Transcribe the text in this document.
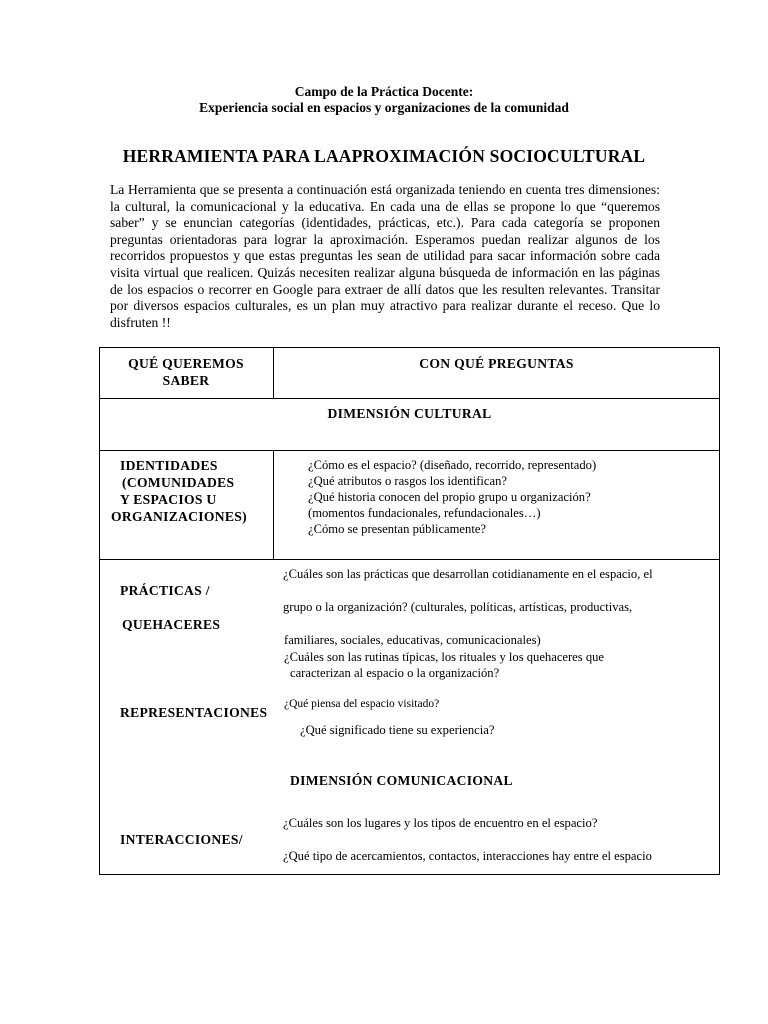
Campo de la Práctica Docente:
Experiencia social en espacios y organizaciones de la comunidad
HERRAMIENTA PARA LAAPROXIMACIÓN SOCIOCULTURAL
La Herramienta que se presenta a continuación está organizada teniendo en cuenta tres dimensiones: la cultural, la comunicacional y la educativa. En cada una de ellas se propone lo que “queremos saber” y se enuncian categorías (identidades, prácticas, etc.). Para cada categoría se proponen preguntas orientadoras para lograr la aproximación. Esperamos puedan realizar algunos de los recorridos propuestos y que estas preguntas les sean de utilidad para sacar información sobre cada visita virtual que realicen. Quizás necesiten realizar alguna búsqueda de información en las páginas de los espacios o recorrer en Google para extraer de allí datos que les resulten relevantes. Transitar por diversos espacios culturales, es un plan muy atractivo para realizar durante el receso. Que lo disfruten !!
QUÉ QUEREMOS
SABER
CON QUÉ PREGUNTAS
DIMENSIÓN CULTURAL
IDENTIDADES
(COMUNIDADES
Y ESPACIOS U
ORGANIZACIONES)
¿Cómo es el espacio? (diseñado, recorrido, representado)
¿Qué atributos o rasgos los identifican?
¿Qué historia conocen del propio grupo u organización?
(momentos fundacionales, refundacionales…)
¿Cómo se presentan públicamente?
PRÁCTICAS /
QUEHACERES
¿Cuáles son las prácticas que desarrollan cotidianamente en el espacio, el
grupo o la organización? (culturales, políticas, artísticas, productivas,
familiares, sociales, educativas, comunicacionales)
¿Cuáles son las rutinas típicas, los rituales y los quehaceres que
caracterizan al espacio o la organización?
REPRESENTACIONES
¿Qué piensa del espacio visitado?
¿Qué significado tiene su experiencia?
DIMENSIÓN COMUNICACIONAL
INTERACCIONES/
¿Cuáles son los lugares y los tipos de encuentro en el espacio?
¿Qué tipo de acercamientos, contactos, interacciones hay entre el espacio
